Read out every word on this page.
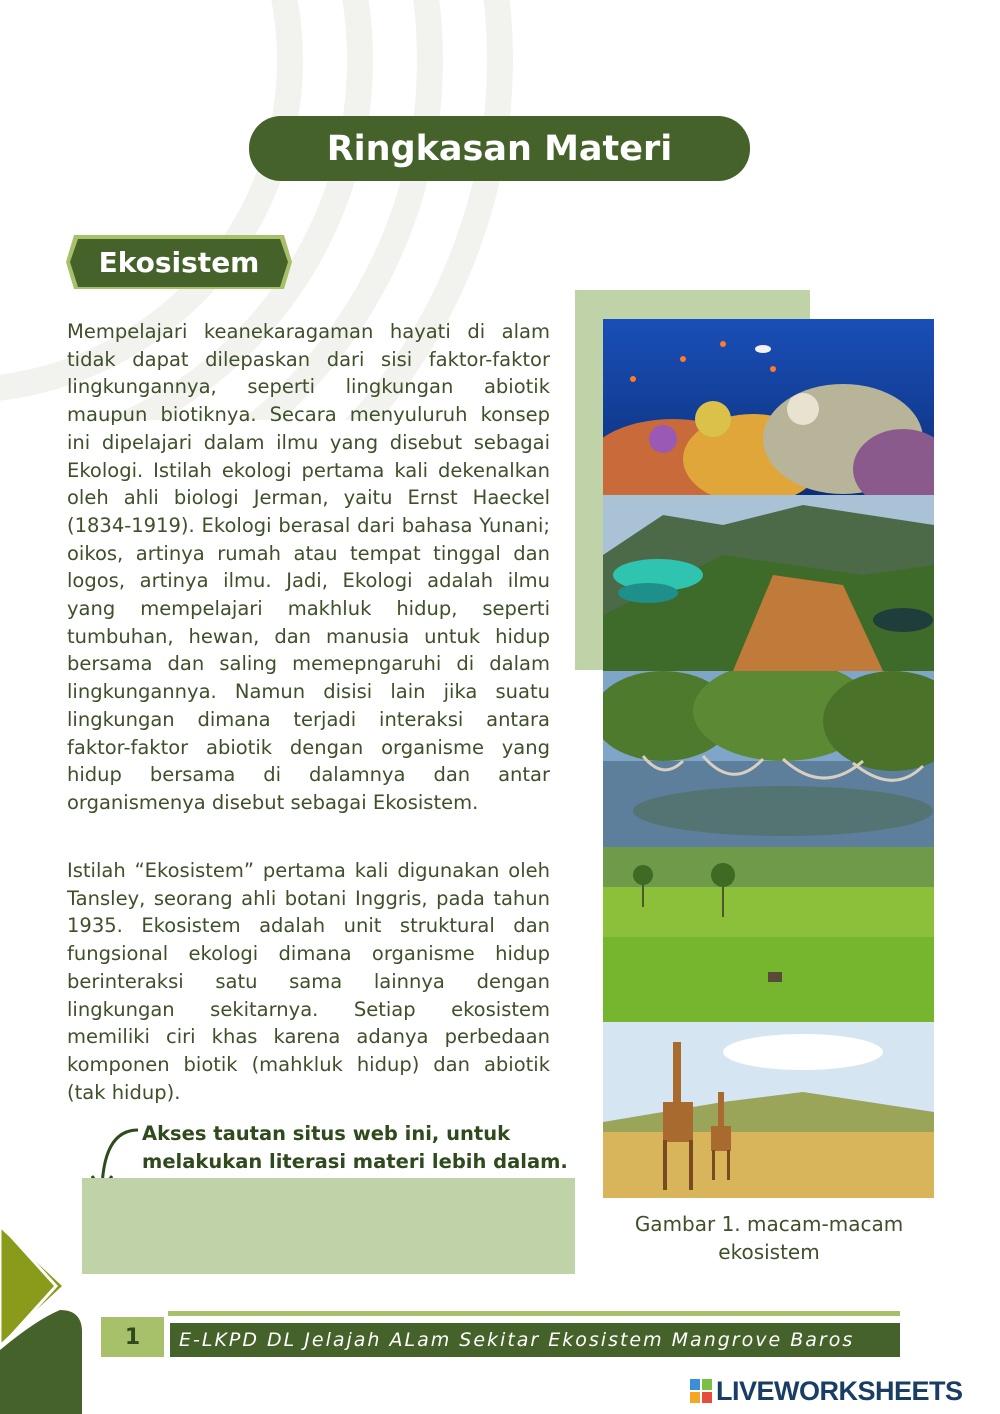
Ringkasan Materi
Ekosistem
Mempelajari keanekaragaman hayati di alam tidak dapat dilepaskan dari sisi faktor-faktor lingkungannya, seperti lingkungan abiotik maupun biotiknya. Secara menyuluruh konsep ini dipelajari dalam ilmu yang disebut sebagai Ekologi. Istilah ekologi pertama kali dekenalkan oleh ahli biologi Jerman, yaitu Ernst Haeckel (1834-1919). Ekologi berasal dari bahasa Yunani; oikos, artinya rumah atau tempat tinggal dan logos, artinya ilmu. Jadi, Ekologi adalah ilmu yang mempelajari makhluk hidup, seperti tumbuhan, hewan, dan manusia untuk hidup bersama dan saling memepngaruhi di dalam lingkungannya. Namun disisi lain jika suatu lingkungan dimana terjadi interaksi antara faktor-faktor abiotik dengan organisme yang hidup bersama di dalamnya dan antar organismenya disebut sebagai Ekosistem.
Istilah “Ekosistem” pertama kali digunakan oleh Tansley, seorang ahli botani Inggris, pada tahun 1935. Ekosistem adalah unit struktural dan fungsional ekologi dimana organisme hidup berinteraksi satu sama lainnya dengan lingkungan sekitarnya. Setiap ekosistem memiliki ciri khas karena adanya perbedaan komponen biotik (mahkluk hidup) dan abiotik (tak hidup).
Gambar 1. macam-macam
ekosistem
Akses tautan situs web ini, untuk
melakukan literasi materi lebih dalam.
1	E-LKPD DL Jelajah ALam Sekitar Ekosistem Mangrove Baros
LIVEWORKSHEETS
